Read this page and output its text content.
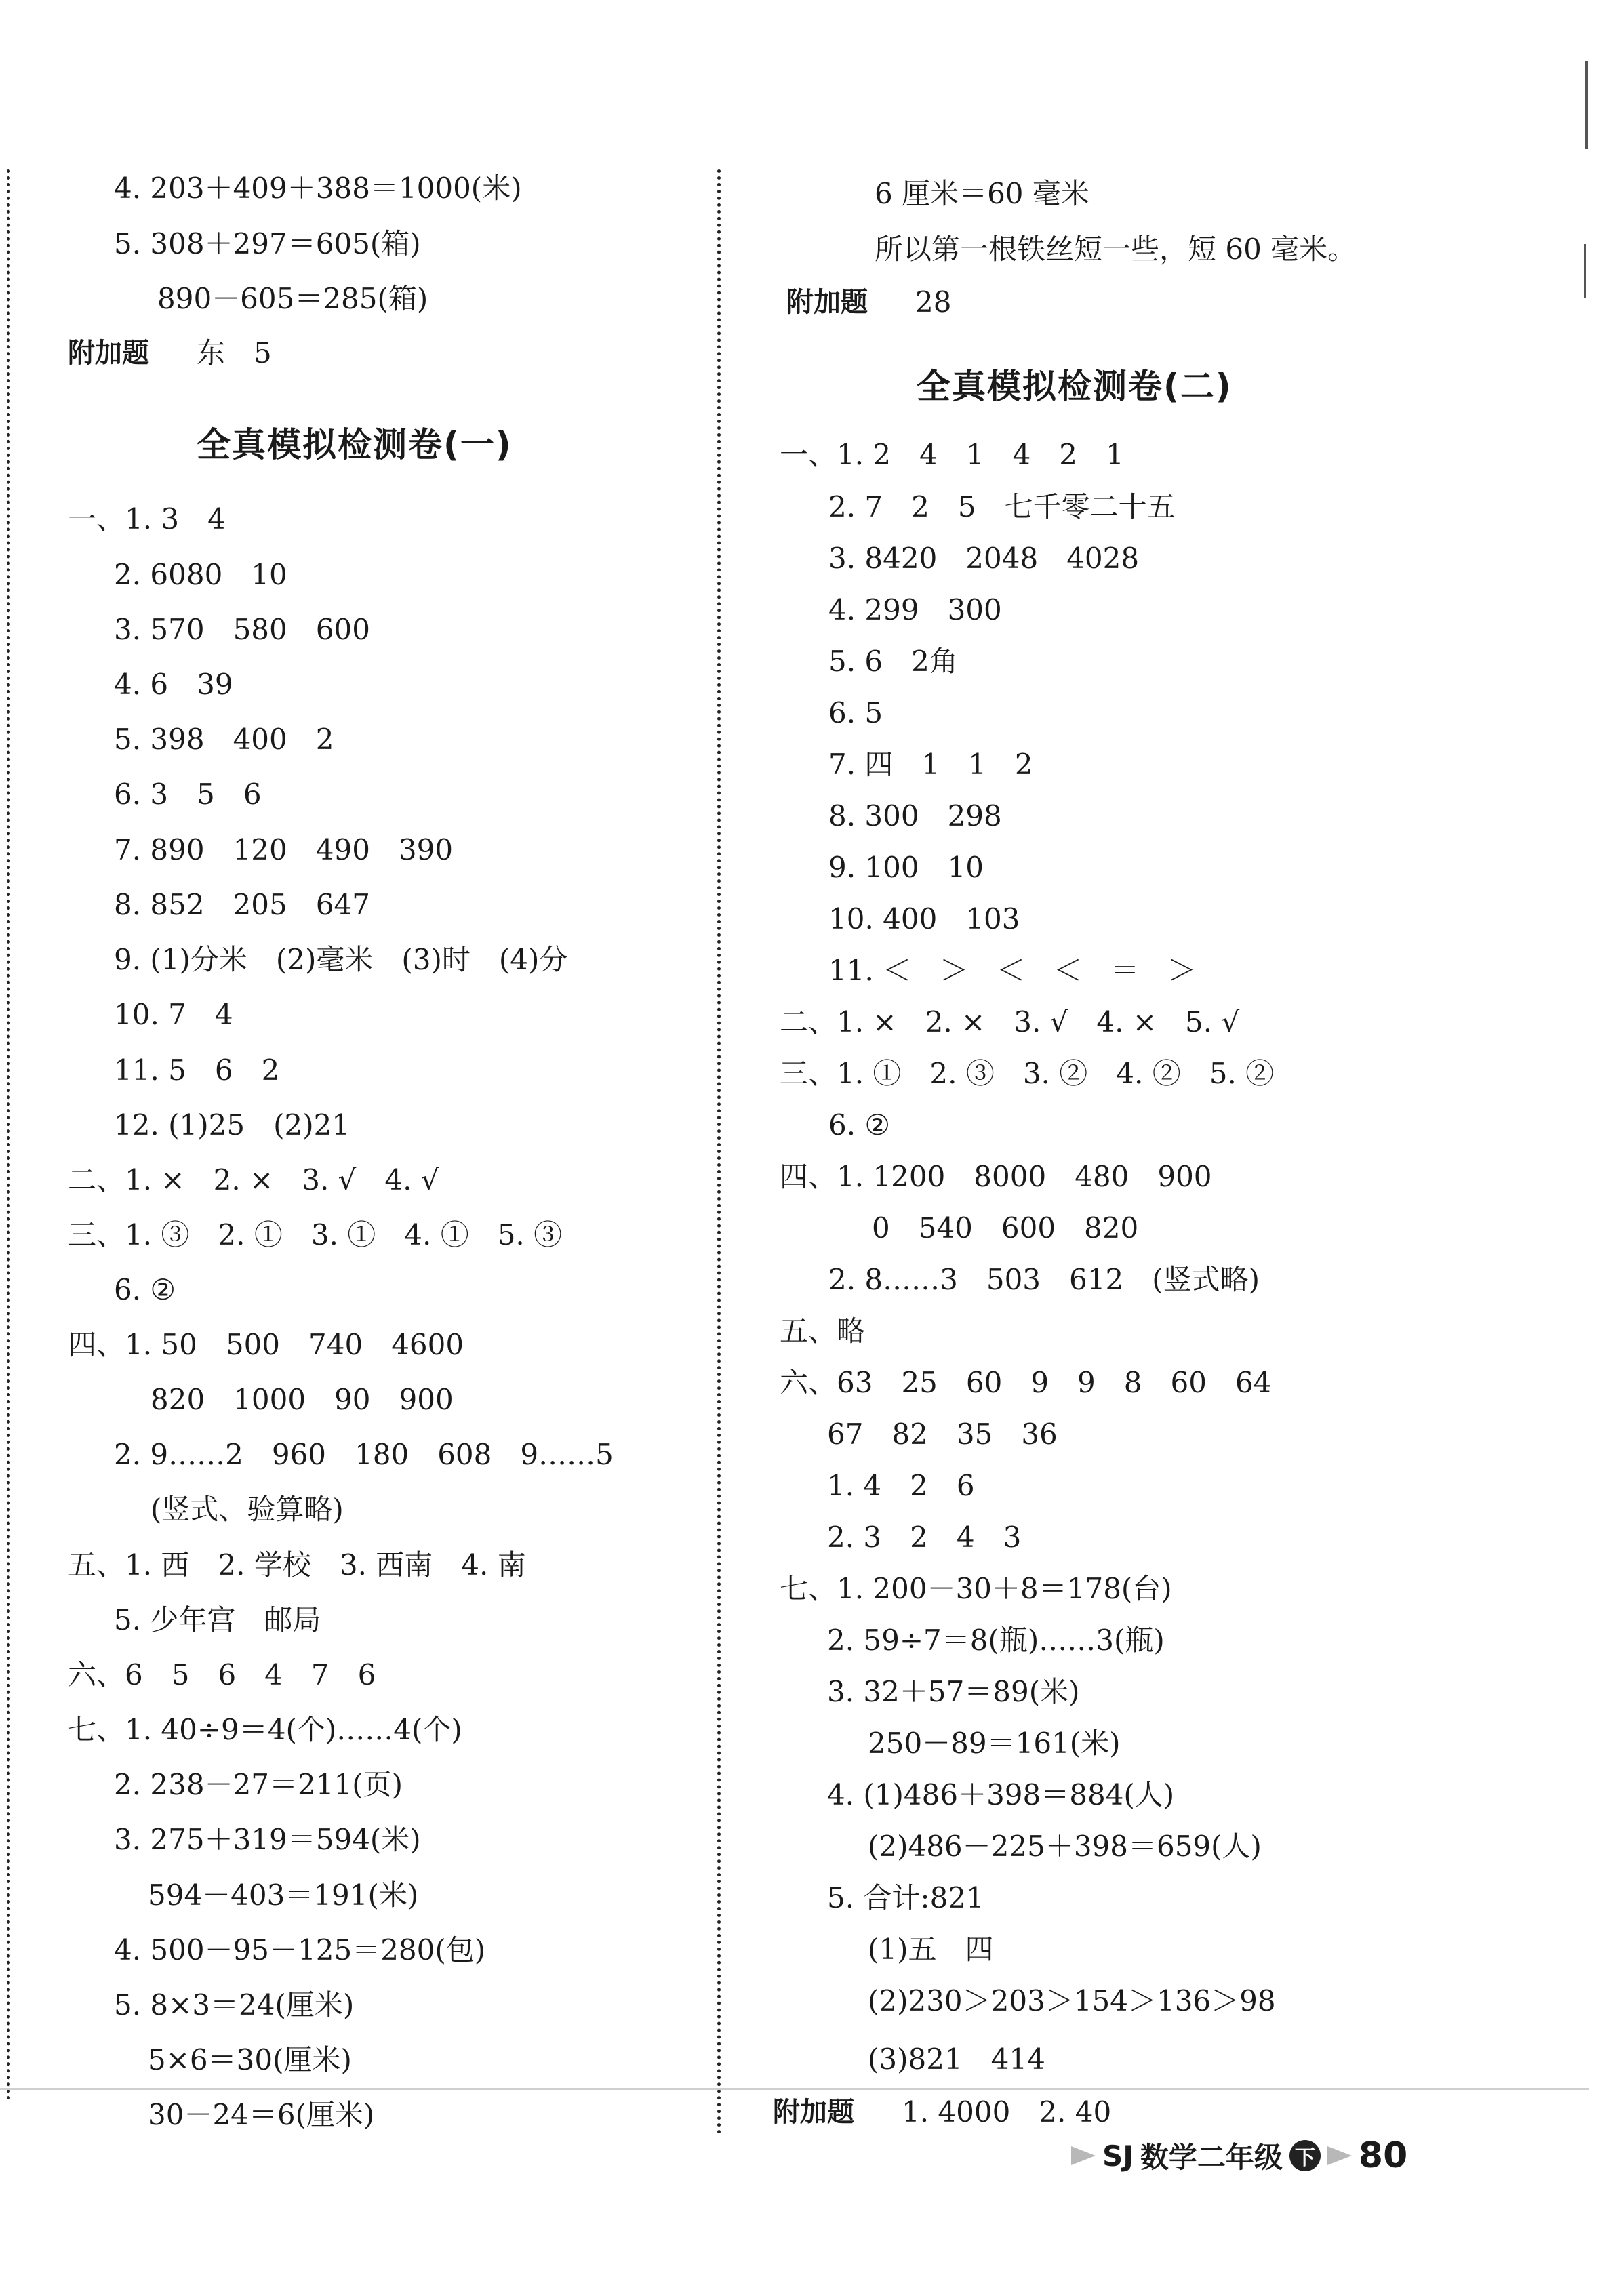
4. 203＋409＋388＝1000(米)
5. 308＋297＝605(箱)
890－605＝285(箱)
附加题 东　5
全真模拟检测卷(一)
一、1. 3　4
2. 6080　10
3. 570　580　600
4. 6　39
5. 398　400　2
6. 3　5　6
7. 890　120　490　390
8. 852　205　647
9. (1)分米　(2)毫米　(3)时　(4)分
10. 7　4
11. 5　6　2
12. (1)25　(2)21
二、1. ×　2. ×　3. √　4. √
三、1. ③　2. ①　3. ①　4. ①　5. ③
6. ②
四、1. 50　500　740　4600
820　1000　90　900
2. 9……2　960　180　608　9……5
(竖式、验算略)
五、1. 西　2. 学校　3. 西南　4. 南
5. 少年宫　邮局
六、6　5　6　4　7　6
七、1. 40÷9＝4(个)……4(个)
2. 238－27＝211(页)
3. 275＋319＝594(米)
594－403＝191(米)
4. 500－95－125＝280(包)
5. 8×3＝24(厘米)
5×6＝30(厘米)
30－24＝6(厘米)
6 厘米＝60 毫米
所以第一根铁丝短一些，短 60 毫米。
附加题 28
全真模拟检测卷(二)
一、1. 2　4　1　4　2　1
2. 7　2　5　七千零二十五
3. 8420　2048　4028
4. 299　300
5. 6　2角
6. 5
7. 四　1　1　2
8. 300　298
9. 100　10
10. 400　103
11. ＜　＞　＜　＜　＝　＞
二、1. ×　2. ×　3. √　4. ×　5. √
三、1. ①　2. ③　3. ②　4. ②　5. ②
6. ②
四、1. 1200　8000　480　900
0　540　600　820
2. 8……3　503　612　(竖式略)
五、略
六、63　25　60　9　9　8　60　64
67　82　35　36
1. 4　2　6
2. 3　2　4　3
七、1. 200－30＋8＝178(台)
2. 59÷7＝8(瓶)……3(瓶)
3. 32＋57＝89(米)
250－89＝161(米)
4. (1)486＋398＝884(人)
(2)486－225＋398＝659(人)
5. 合计:821
(1)五　四
(2)230＞203＞154＞136＞98
(3)821　414
附加题 1. 4000　2. 40
SJ 数学二年级 下 80
